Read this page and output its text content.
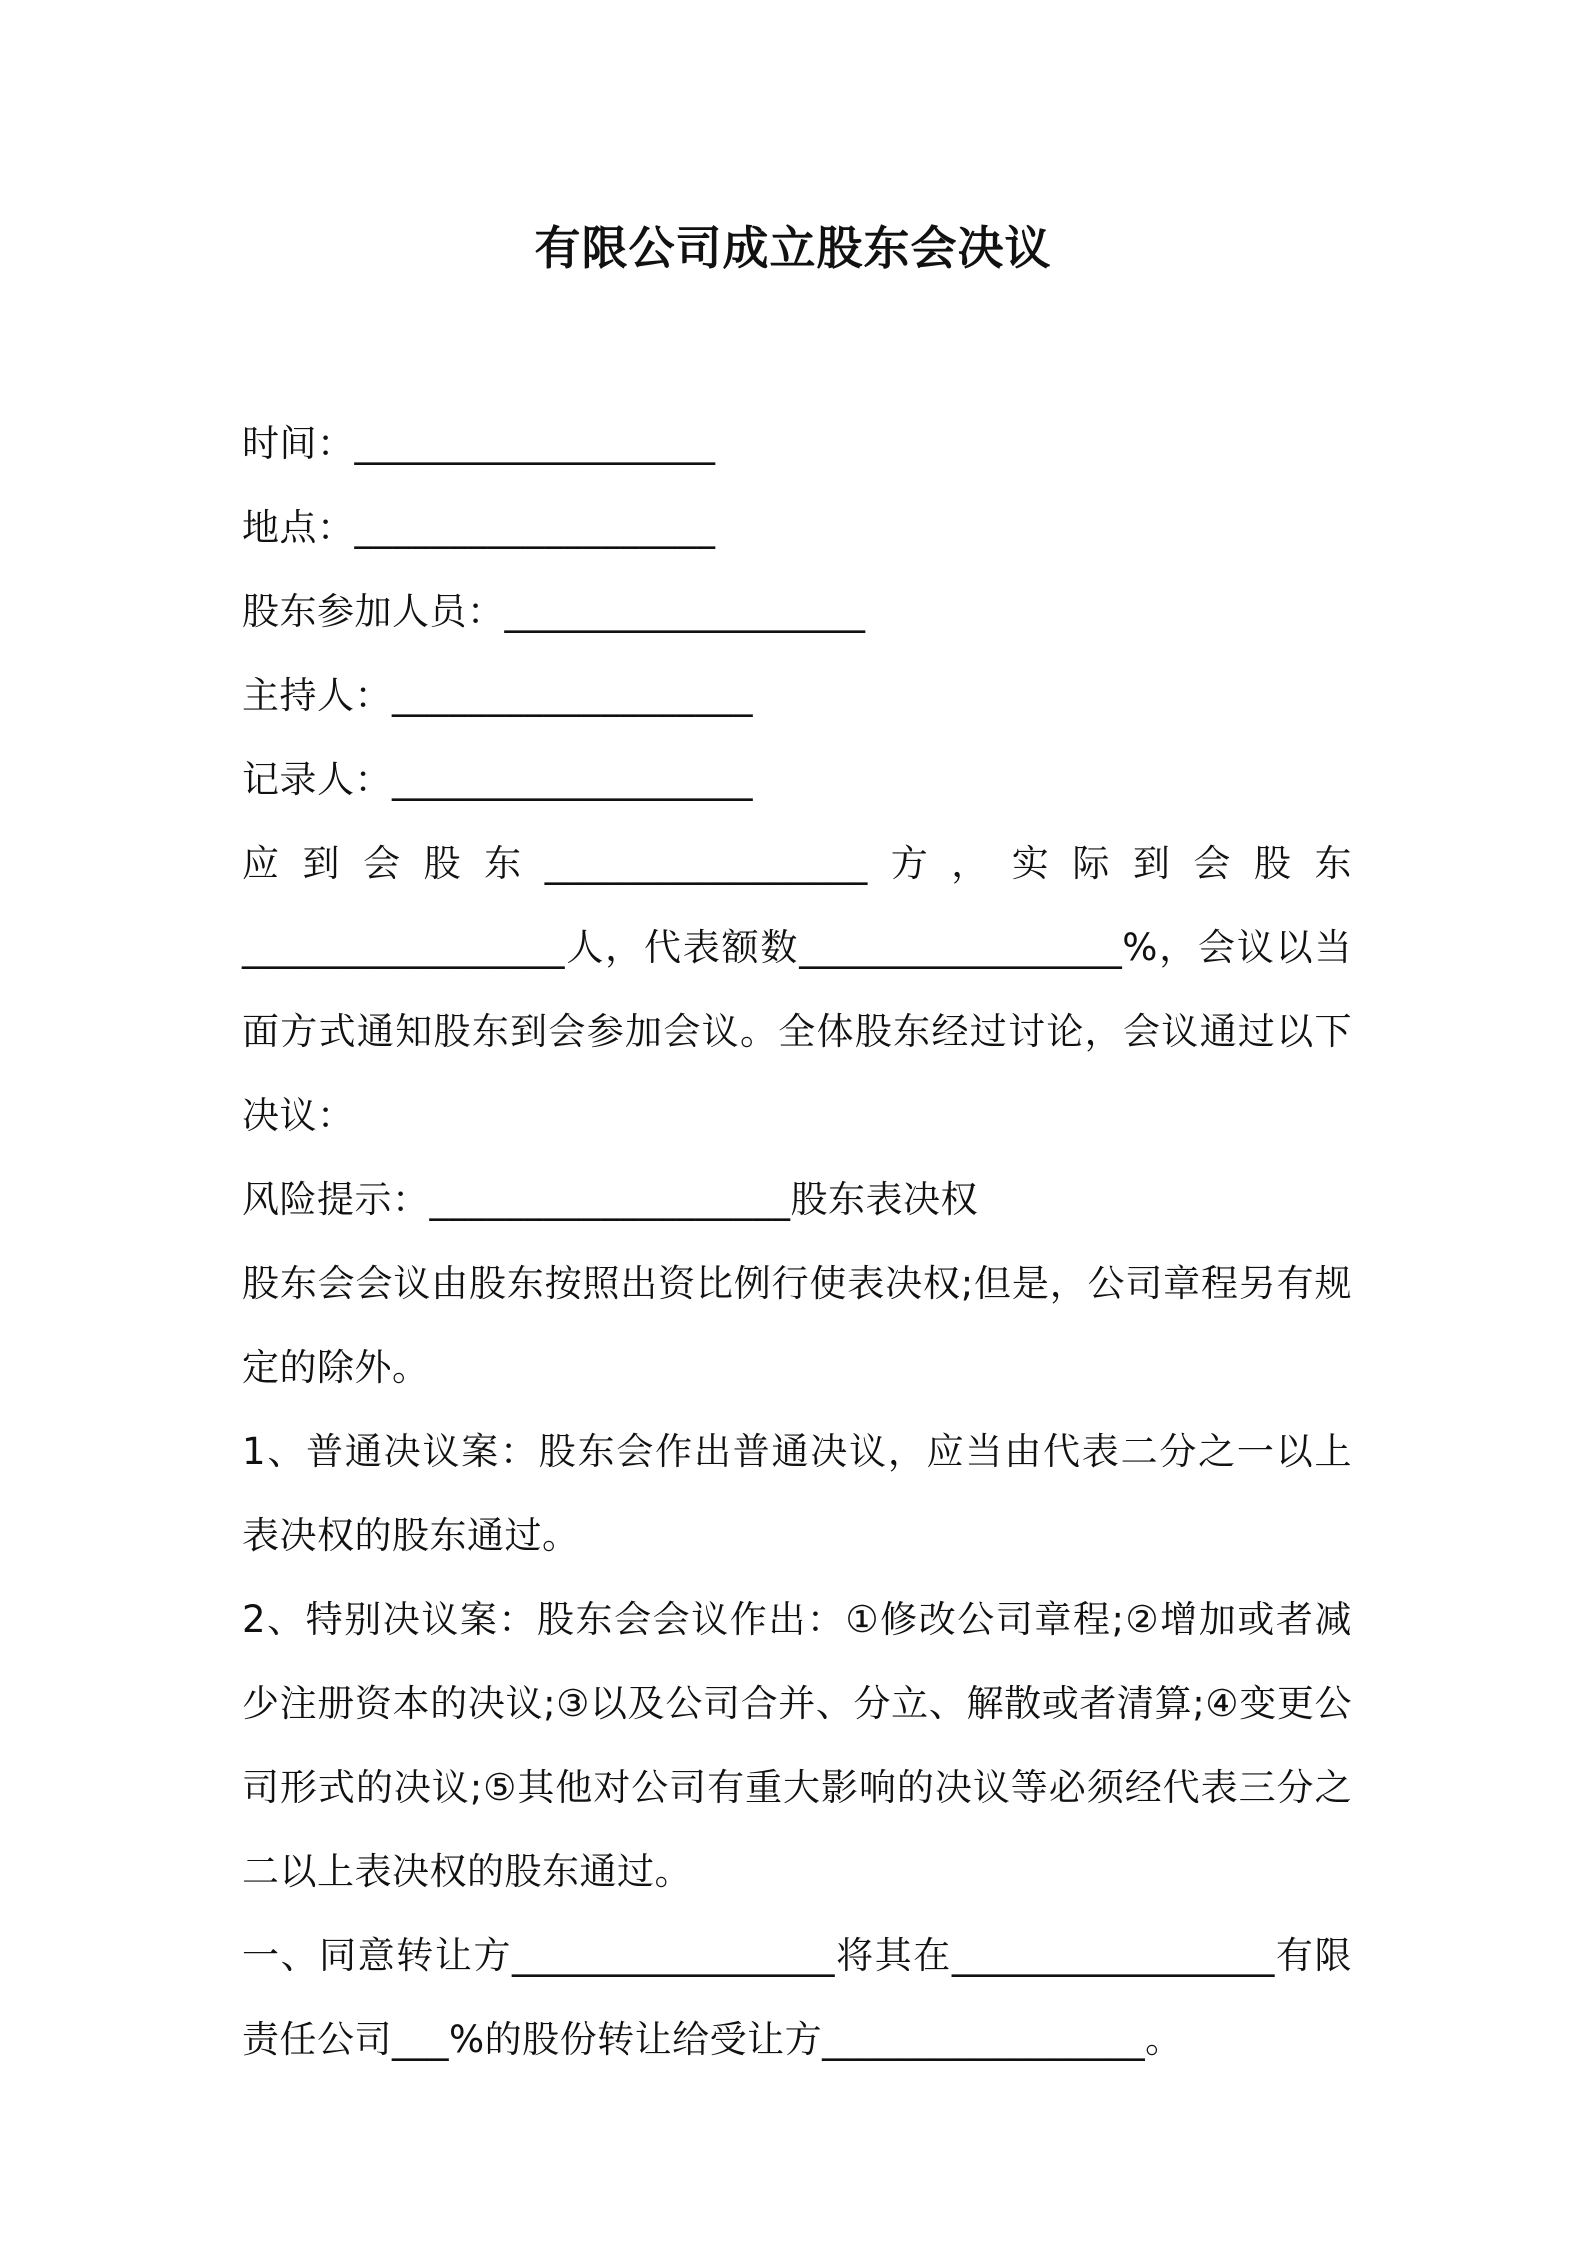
有限公司成立股东会决议
时间：___________________
地点：___________________
股东参加人员：___________________
主持人：___________________
记录人：___________________
应到会股东_________________方，实际到会股东_________________人，代表额数_________________%，会议以当面方式通知股东到会参加会议。全体股东经过讨论，会议通过以下决议：
风险提示：___________________股东表决权
股东会会议由股东按照出资比例行使表决权;但是，公司章程另有规定的除外。
1、普通决议案：股东会作出普通决议，应当由代表二分之一以上表决权的股东通过。
2、特别决议案：股东会会议作出：①修改公司章程;②增加或者减少注册资本的决议;③以及公司合并、分立、解散或者清算;④变更公司形式的决议;⑤其他对公司有重大影响的决议等必须经代表三分之二以上表决权的股东通过。
一、同意转让方_________________将其在_________________有限责任公司___%的股份转让给受让方_________________。
